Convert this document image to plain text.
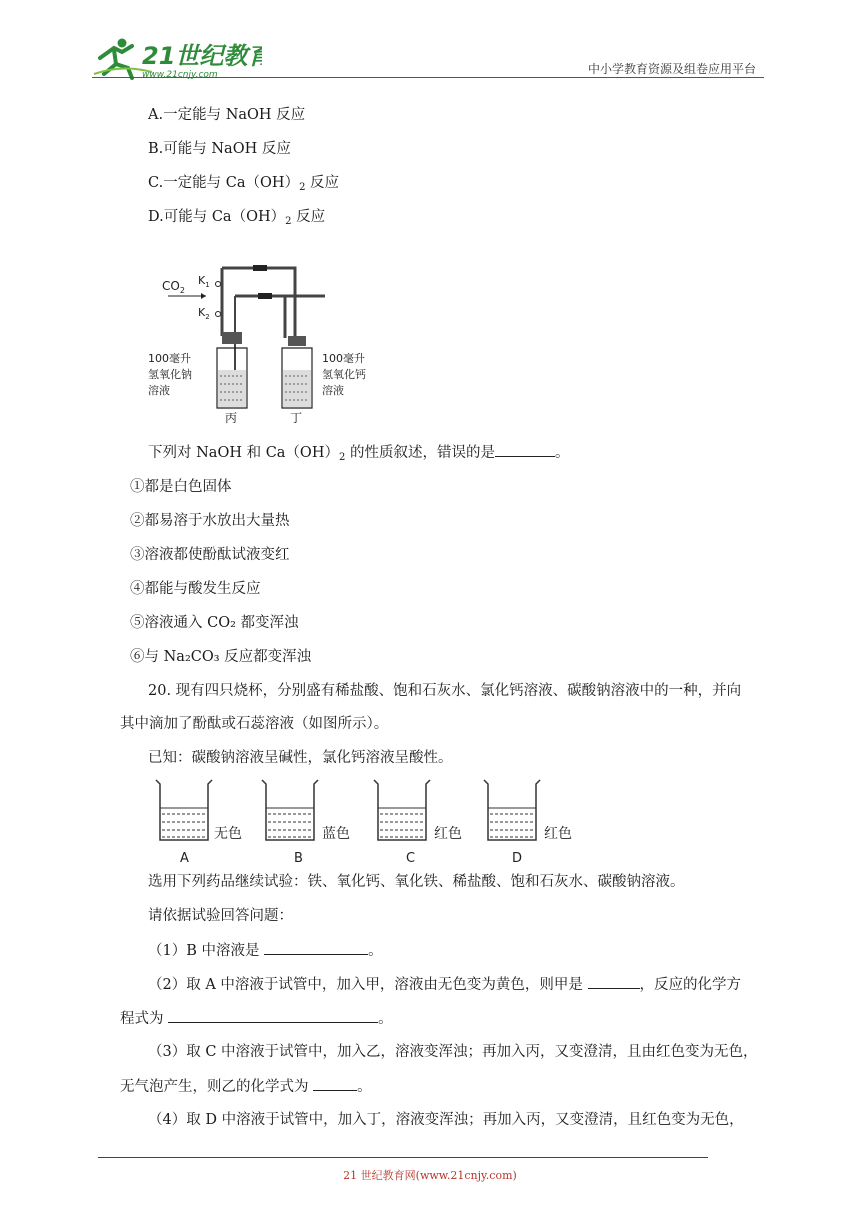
21世纪教育
www.21cnjy.com	中小学教育资源及组卷应用平台
A.一定能与 NaOH 反应
B.可能与 NaOH 反应
C.一定能与 $Ca(OH)_2$ 反应
D.可能与 $Ca(OH)_2$ 反应
$CO_2$
$K_1$
$K_2$
100毫升
氢氧化钠
溶液
100毫升
氢氧化钙
溶液
丙	丁
下列对 NaOH 和 $Ca(OH)_2$ 的性质叙述，错误的是	。
①都是白色固体
②都易溶于水放出大量热
③溶液都使酚酞试液变红
④都能与酸发生反应
⑤溶液通入 CO₂ 都变浑浊
⑥与 Na₂CO₃ 反应都变浑浊
20. 现有四只烧杯，分别盛有稀盐酸、饱和石灰水、氯化钙溶液、碳酸钠溶液中的一种，并向
其中滴加了酚酞或石蕊溶液（如图所示）。
已知：碳酸钠溶液呈碱性，氯化钙溶液呈酸性。
无色
A
蓝色
B
红色
C
红色
D
选用下列药品继续试验：铁、氧化钙、氧化铁、稀盐酸、饱和石灰水、碳酸钠溶液。
请依据试验回答问题：
（1）B 中溶液是	。
（2）取 A 中溶液于试管中，加入甲，溶液由无色变为黄色，则甲是	，反应的化学方
程式为	。
（3）取 C 中溶液于试管中，加入乙，溶液变浑浊；再加入丙，又变澄清，且由红色变为无色，
无气泡产生，则乙的化学式为	。
（4）取 D 中溶液于试管中，加入丁，溶液变浑浊；再加入丙，又变澄清，且红色变为无色，
21 世纪教育网(www.21cnjy.com)
